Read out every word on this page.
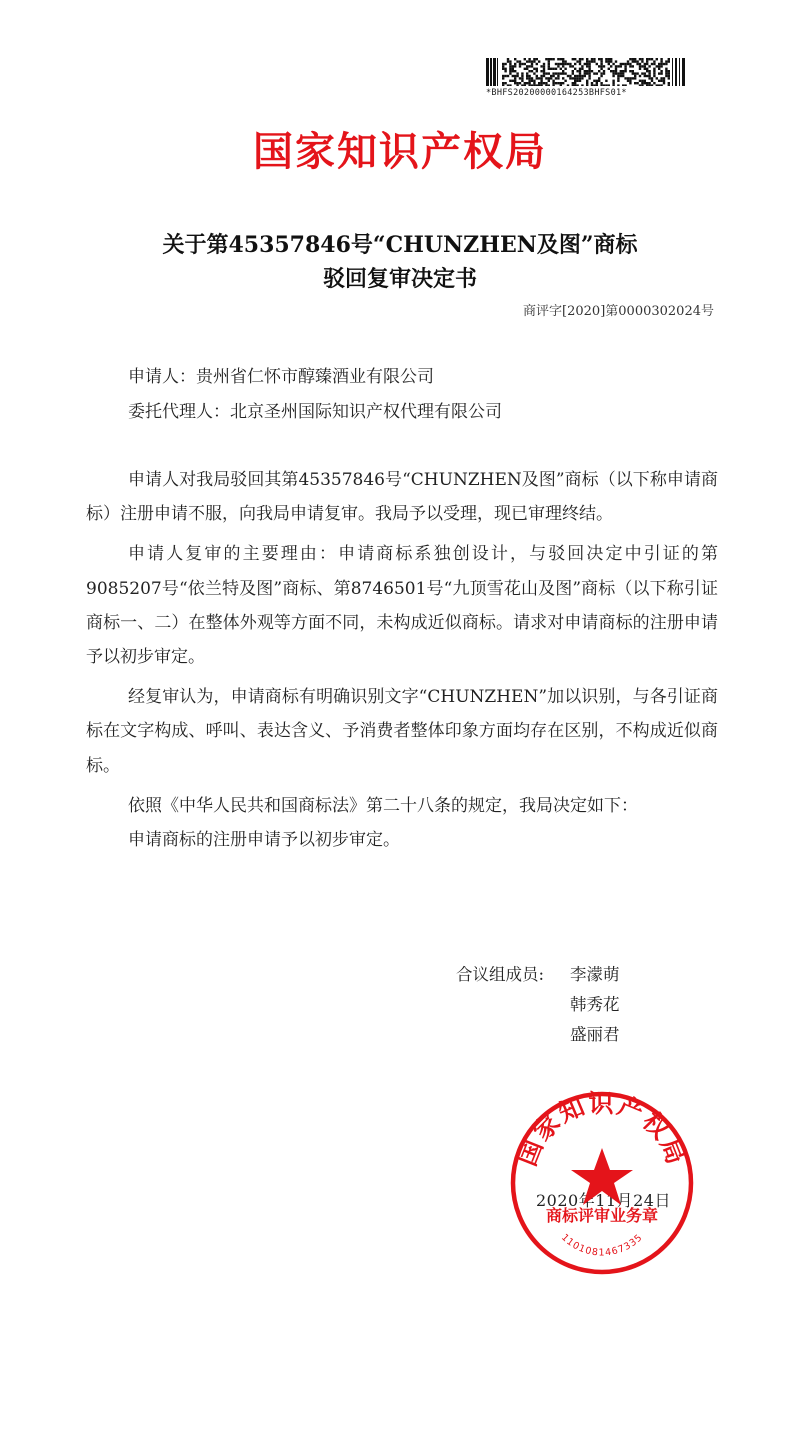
*BHFS20200000164253BHFS01*
国家知识产权局
关于第45357846号“CHUNZHEN及图”商标
驳回复审决定书
商评字[2020]第0000302024号
申请人：贵州省仁怀市醇臻酒业有限公司
委托代理人：北京圣州国际知识产权代理有限公司

申请人对我局驳回其第45357846号“CHUNZHEN及图”商标（以下称申请商标）注册申请不服，向我局申请复审。我局予以受理，现已审理终结。

申请人复审的主要理由：申请商标系独创设计，与驳回决定中引证的第9085207号“依兰特及图”商标、第8746501号“九顶雪花山及图”商标（以下称引证商标一、二）在整体外观等方面不同，未构成近似商标。请求对申请商标的注册申请予以初步审定。

经复审认为，申请商标有明确识别文字“CHUNZHEN”加以识别，与各引证商标在文字构成、呼叫、表达含义、予消费者整体印象方面均存在区别，不构成近似商标。

依照《中华人民共和国商标法》第二十八条的规定，我局决定如下：

申请商标的注册申请予以初步审定。

合议组成员:	李濛萌
韩秀花
盛丽君
2020年11月24日
国家知识产权局
商标评审业务章
1101081467335
